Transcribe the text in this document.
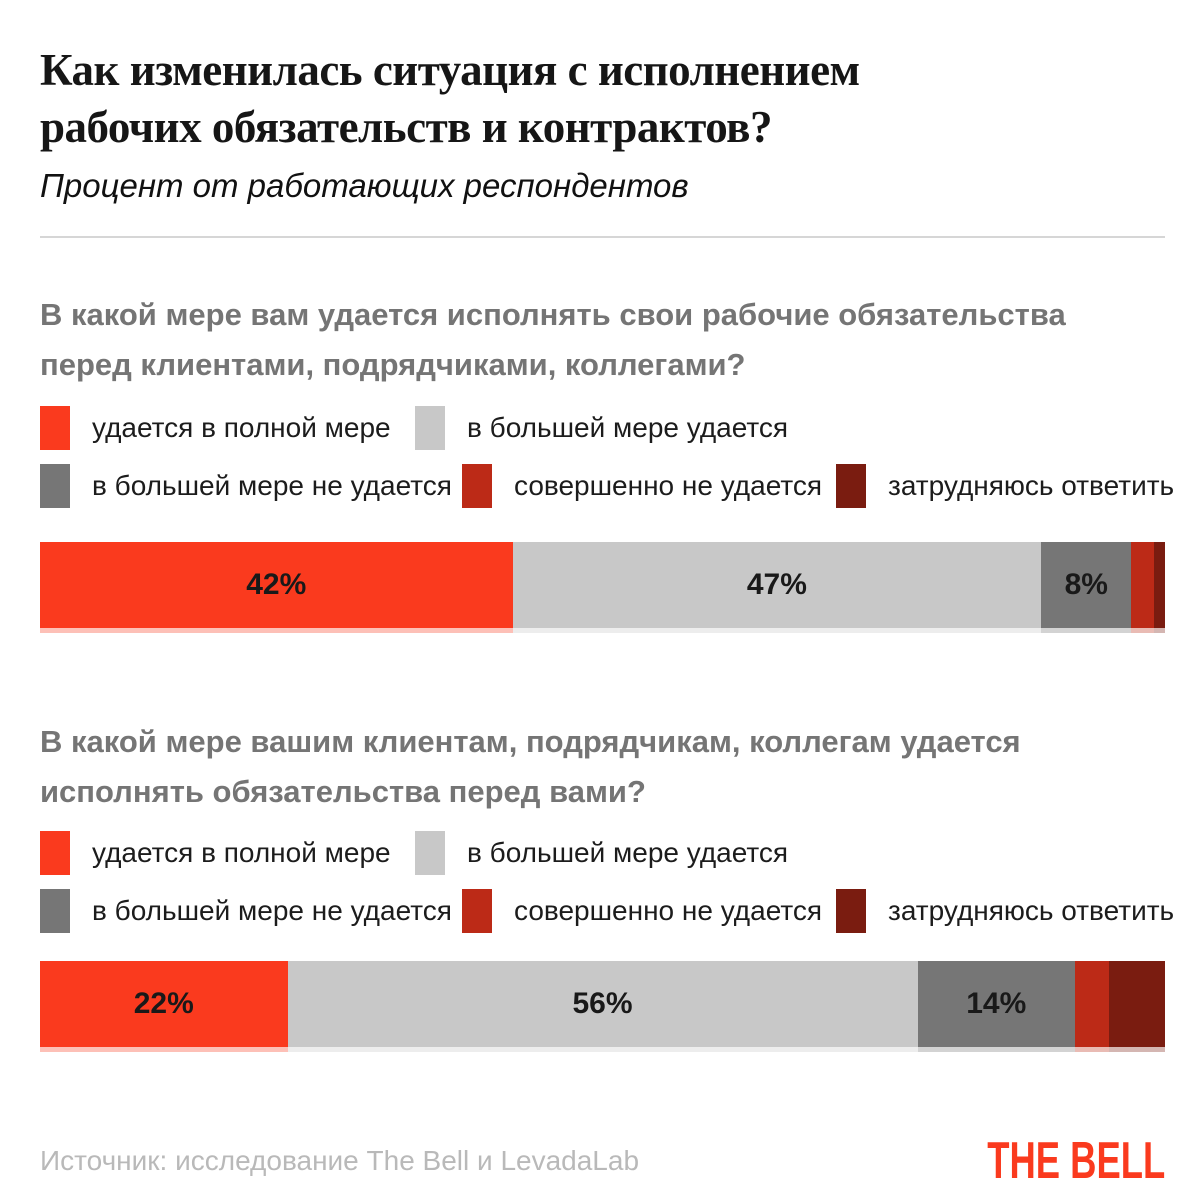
Как изменилась ситуация с исполнением
рабочих обязательств и контрактов?
Процент от работающих респондентов
В какой мере вам удается исполнять свои рабочие обязательства
перед клиентами, подрядчиками, коллегами?
удается в полной мере	в большей мере удается
в большей мере не удается совершенно не удается затрудняюсь ответить
42%	47%	8%
В какой мере вашим клиентам, подрядчикам, коллегам удается
исполнять обязательства перед вами?
удается в полной мере	в большей мере удается
в большей мере не удается совершенно не удается затрудняюсь ответить
22%	56%	14%
Источник: исследование The Bell и LevadaLab	THE BELL
